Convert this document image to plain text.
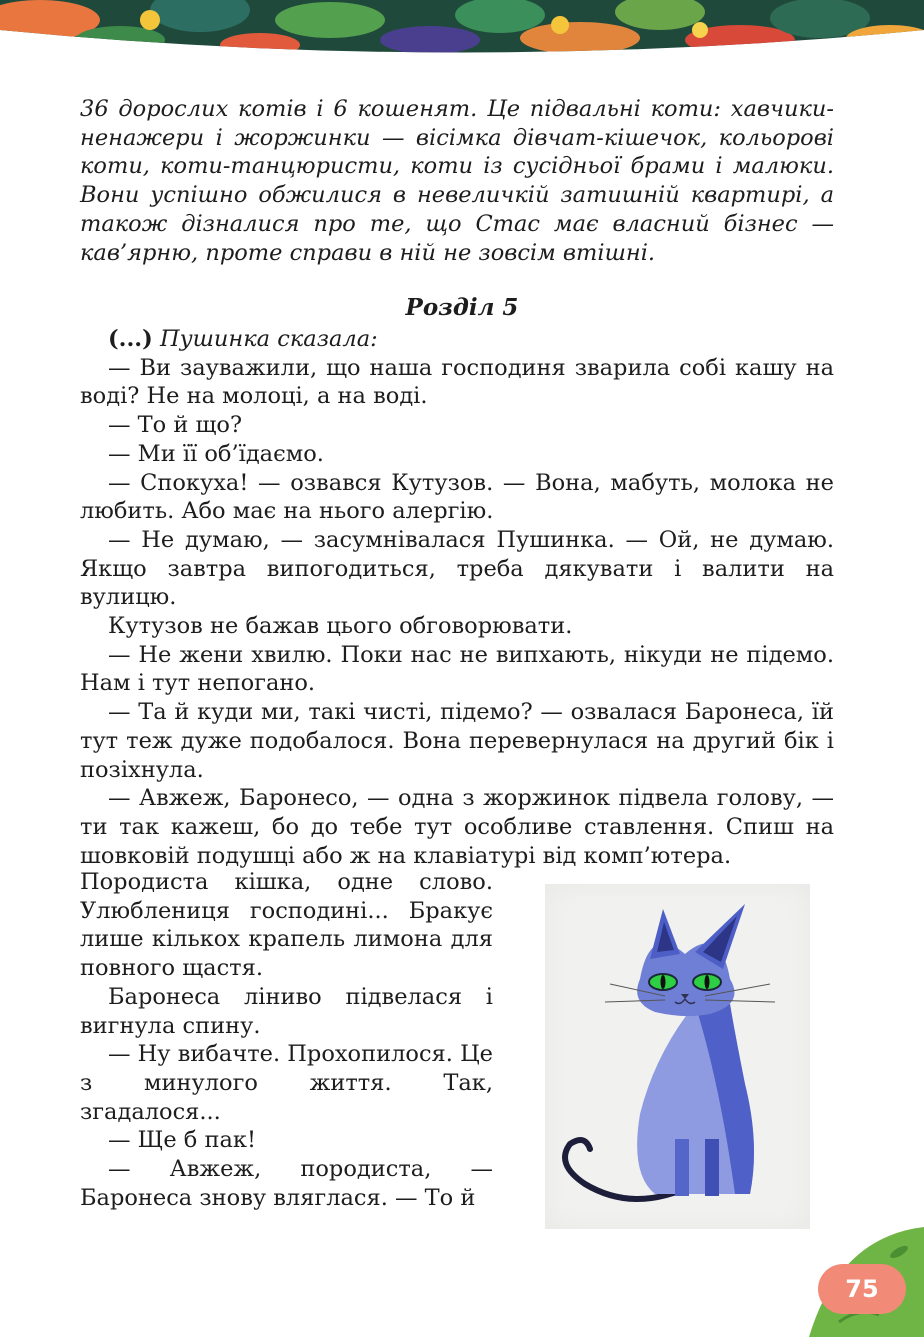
36 дорослих котів і 6 кошенят. Це підвальні коти: хавчики-ненажери і жоржинки — вісімка дівчат-кішечок, кольорові коти, коти-танцюристи, коти із сусідньої брами і малюки. Вони успішно обжилися в невеличкій затишній квартирі, а також дізналися про те, що Стас має власний бізнес — кав’ярню, проте справи в ній не зовсім втішні.

Розділ 5

(...) Пушинка сказала:

— Ви зауважили, що наша господиня зварила собі кашу на воді? Не на молоці, а на воді.

— То й що?

— Ми її об’їдаємо.

— Спокуха! — озвався Кутузов. — Вона, мабуть, молока не любить. Або має на нього алергію.

— Не думаю, — засумнівалася Пушинка. — Ой, не думаю. Якщо завтра випогодиться, треба дякувати і валити на вулицю.

Кутузов не бажав цього обговорювати.

— Не жени хвилю. Поки нас не випхають, нікуди не підемо. Нам і тут непогано.

— Та й куди ми, такі чисті, підемо? — озвалася Баронеса, їй тут теж дуже подобалося. Вона перевернулася на другий бік і позіхнула.

— Авжеж, Баронесо, — одна з жоржинок підвела голову, — ти так кажеш, бо до тебе тут особливе ставлення. Спиш на шовковій подушці або ж на клавіатурі від комп’ютера.

Породиста кішка, одне слово. Улюблениця господині... Бракує лише кількох крапель лимона для повного щастя.

Баронеса ліниво підвелася і вигнула спину.

— Ну вибачте. Прохопилося. Це з минулого життя. Так, згадалося...

— Ще б пак!

— Авжеж, породиста, — Баронеса знову вляглася. — То й

75
